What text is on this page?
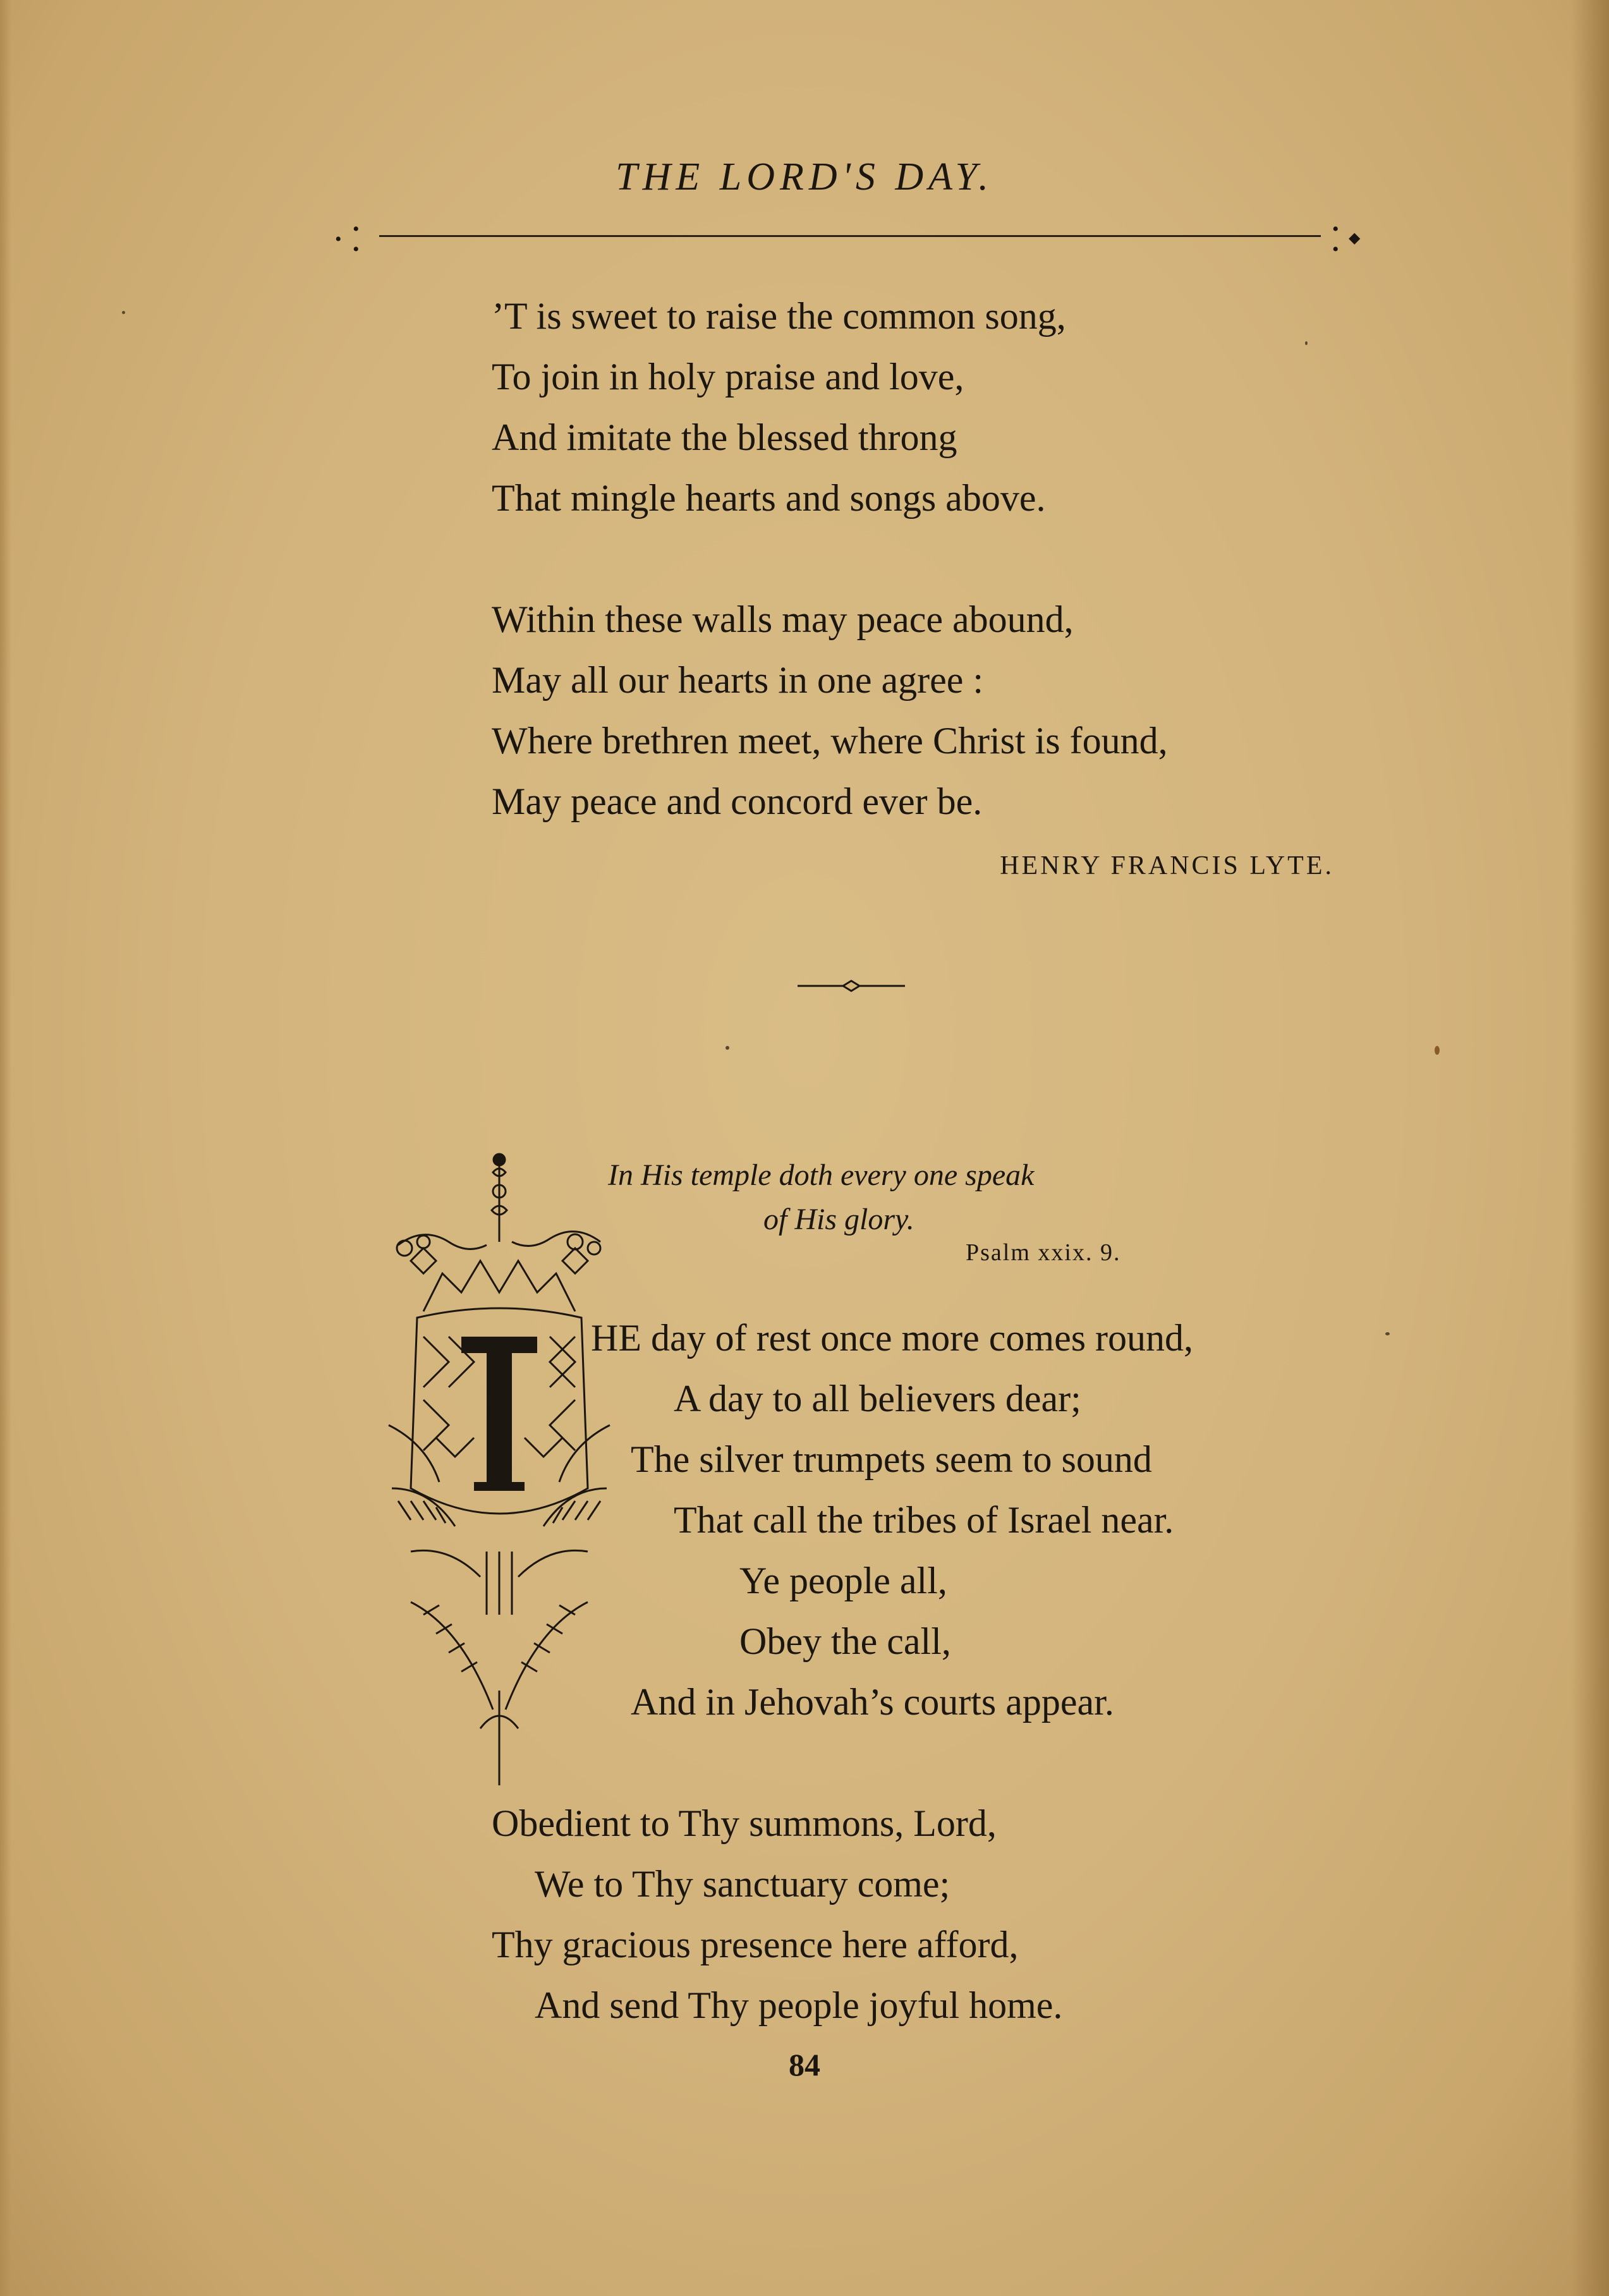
THE LORD'S DAY.
• •
•
•
•
◆
’T is sweet to raise the common song,
To join in holy praise and love,
And imitate the blessed throng
That mingle hearts and songs above.
Within these walls may peace abound,
May all our hearts in one agree :
Where brethren meet, where Christ is found,
May peace and concord ever be.
HENRY FRANCIS LYTE.
In His temple doth every one speak
of His glory.
Psalm xxix. 9.
HE day of rest once more comes round,
A day to all believers dear;
The silver trumpets seem to sound
That call the tribes of Israel near.
Ye people all,
Obey the call,
And in Jehovah’s courts appear.
Obedient to Thy summons, Lord,
We to Thy sanctuary come;
Thy gracious presence here afford,
And send Thy people joyful home.
84
